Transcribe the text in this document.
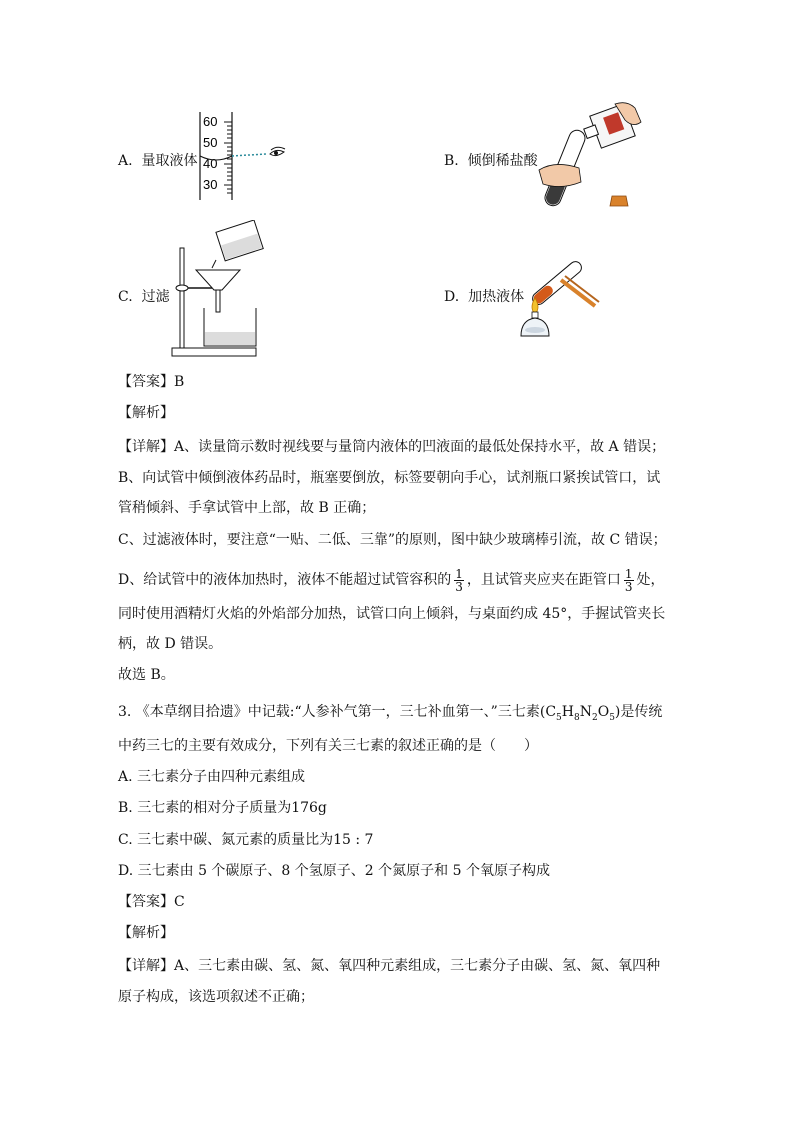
A. 量取液体
60
50
40
30
B. 倾倒稀盐酸
C. 过滤	D. 加热液体
【答案】B
【解析】
【详解】A、读量筒示数时视线要与量筒内液体的凹液面的最低处保持水平，故 A 错误；
B、向试管中倾倒液体药品时，瓶塞要倒放，标签要朝向手心，试剂瓶口紧挨试管口，试
管稍倾斜、手拿试管中上部，故 B 正确；
C、过滤液体时，要注意“一贴、二低、三靠”的原则，图中缺少玻璃棒引流，故 C 错误；
D、给试管中的液体加热时，液体不能超过试管容积的 $\frac{1}{3}$ ，且试管夹应夹在距管口 $\frac{1}{3}$ 处，
同时使用酒精灯火焰的外焰部分加热，试管口向上倾斜，与桌面约成 45°，手握试管夹长
柄，故 D 错误。
故选 B。
3. 《本草纲目拾遗》中记载:“人参补气第一，三七补血第一、”三七素$(C_5H_8N_2O_5)$是传统
中药三七的主要有效成分，下列有关三七素的叙述正确的是（　　）
A. 三七素分子由四种元素组成
B. 三七素的相对分子质量为176g
C. 三七素中碳、氮元素的质量比为15 : 7
D. 三七素由 5 个碳原子、8 个氢原子、2 个氮原子和 5 个氧原子构成
【答案】C
【解析】
【详解】A、三七素由碳、氢、氮、氧四种元素组成，三七素分子由碳、氢、氮、氧四种
原子构成，该选项叙述不正确；
